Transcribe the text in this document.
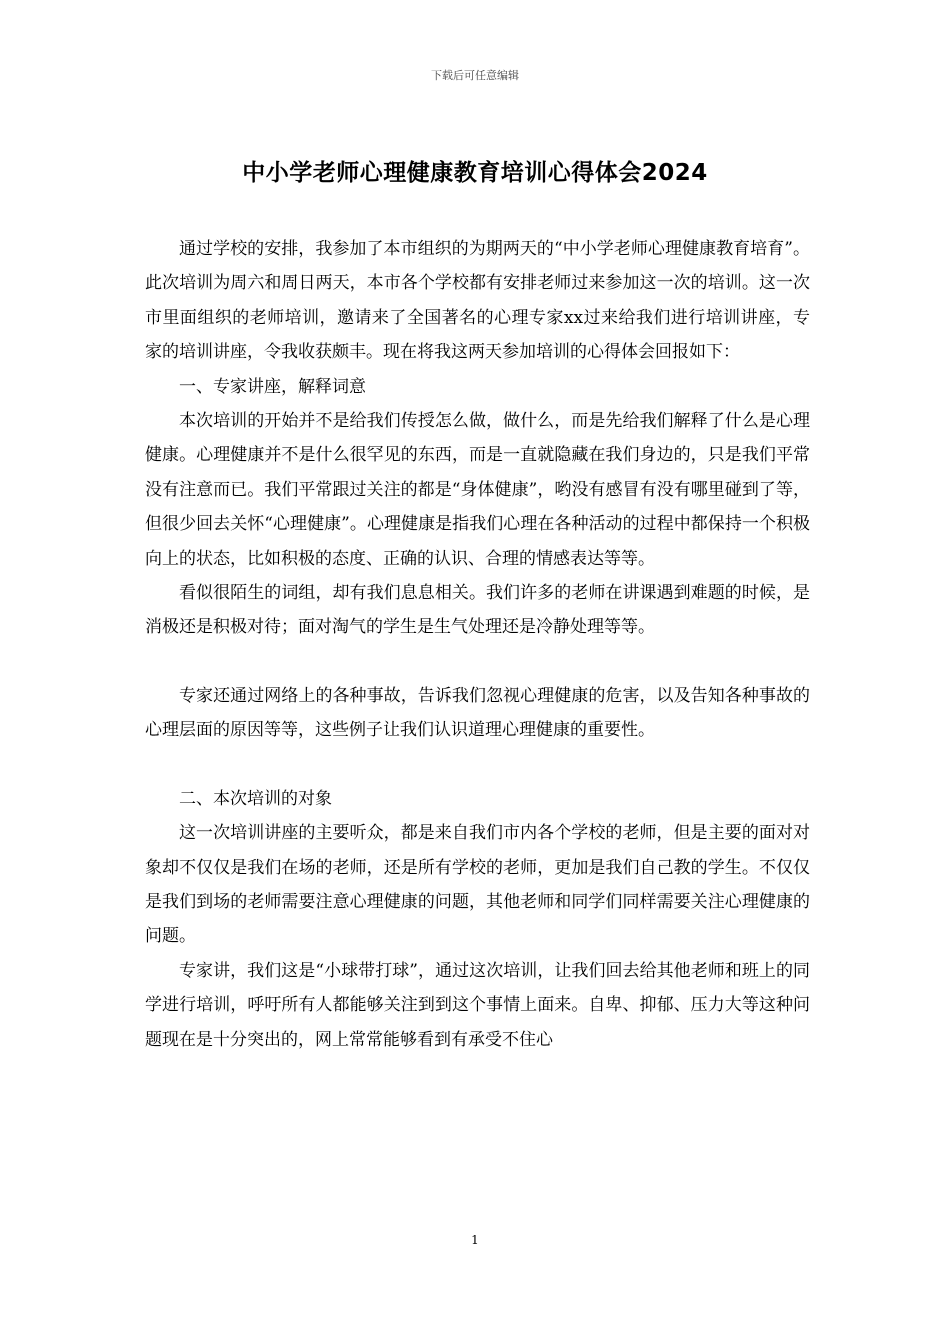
下载后可任意编辑
中小学老师心理健康教育培训心得体会2024

通过学校的安排，我参加了本市组织的为期两天的“中小学老师心理健康教育培育”。此次培训为周六和周日两天，本市各个学校都有安排老师过来参加这一次的培训。这一次市里面组织的老师培训，邀请来了全国著名的心理专家xx过来给我们进行培训讲座，专家的培训讲座，令我收获颇丰。现在将我这两天参加培训的心得体会回报如下：

一、专家讲座，解释词意

本次培训的开始并不是给我们传授怎么做，做什么，而是先给我们解释了什么是心理健康。心理健康并不是什么很罕见的东西，而是一直就隐藏在我们身边的，只是我们平常没有注意而已。我们平常跟过关注的都是“身体健康”，哟没有感冒有没有哪里碰到了等，但很少回去关怀“心理健康”。心理健康是指我们心理在各种活动的过程中都保持一个积极向上的状态，比如积极的态度、正确的认识、合理的情感表达等等。

看似很陌生的词组，却有我们息息相关。我们许多的老师在讲课遇到难题的时候，是消极还是积极对待；面对淘气的学生是生气处理还是冷静处理等等。

专家还通过网络上的各种事故，告诉我们忽视心理健康的危害，以及告知各种事故的心理层面的原因等等，这些例子让我们认识道理心理健康的重要性。

二、本次培训的对象

这一次培训讲座的主要听众，都是来自我们市内各个学校的老师，但是主要的面对对象却不仅仅是我们在场的老师，还是所有学校的老师，更加是我们自己教的学生。不仅仅是我们到场的老师需要注意心理健康的问题，其他老师和同学们同样需要关注心理健康的问题。

专家讲，我们这是“小球带打球”，通过这次培训，让我们回去给其他老师和班上的同学进行培训，呼吁所有人都能够关注到到这个事情上面来。自卑、抑郁、压力大等这种问题现在是十分突出的，网上常常能够看到有承受不住心

1
